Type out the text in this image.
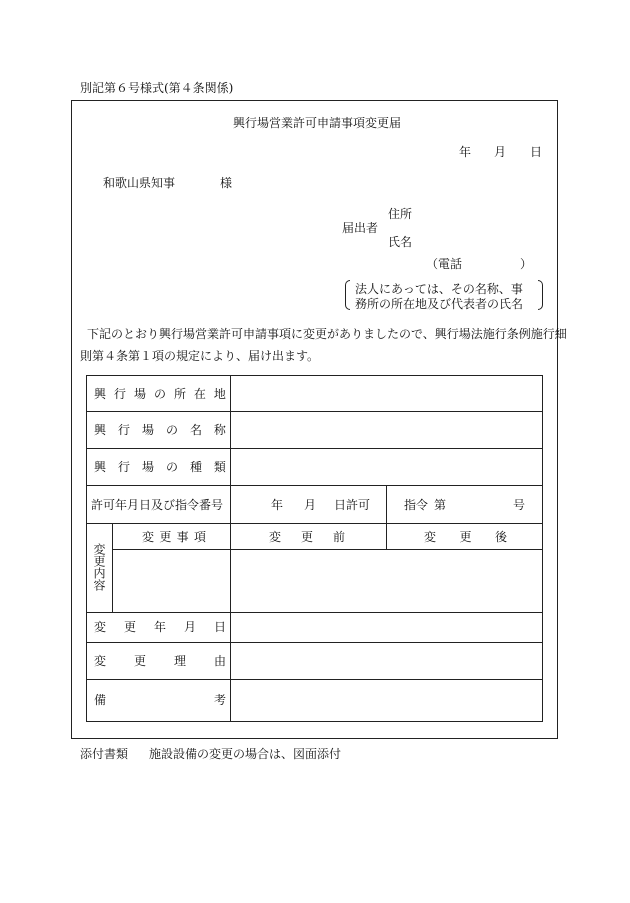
別記第６号様式(第４条関係)
興行場営業許可申請事項変更届
年 月 日
和歌山県知事	様
住所
届出者
氏名
（電話	）
法人にあっては、その名称、事
務所の所在地及び代表者の氏名
下記のとおり興行場営業許可申請事項に変更がありましたので、興行場法施行条例施行細
則第４条第１項の規定により、届け出ます。
興 行 場 の 所 在 地
興 行 場 の 名 称
興 行 場 の 種 類
許可年月日及び指令番号	年 月 日許可	指令 第	号
変更内容
変 更 事 項	変 更 前	変 更 後
変 更 年 月 日
変 更 理 由
備	考
添付書類 施設設備の変更の場合は、図面添付
